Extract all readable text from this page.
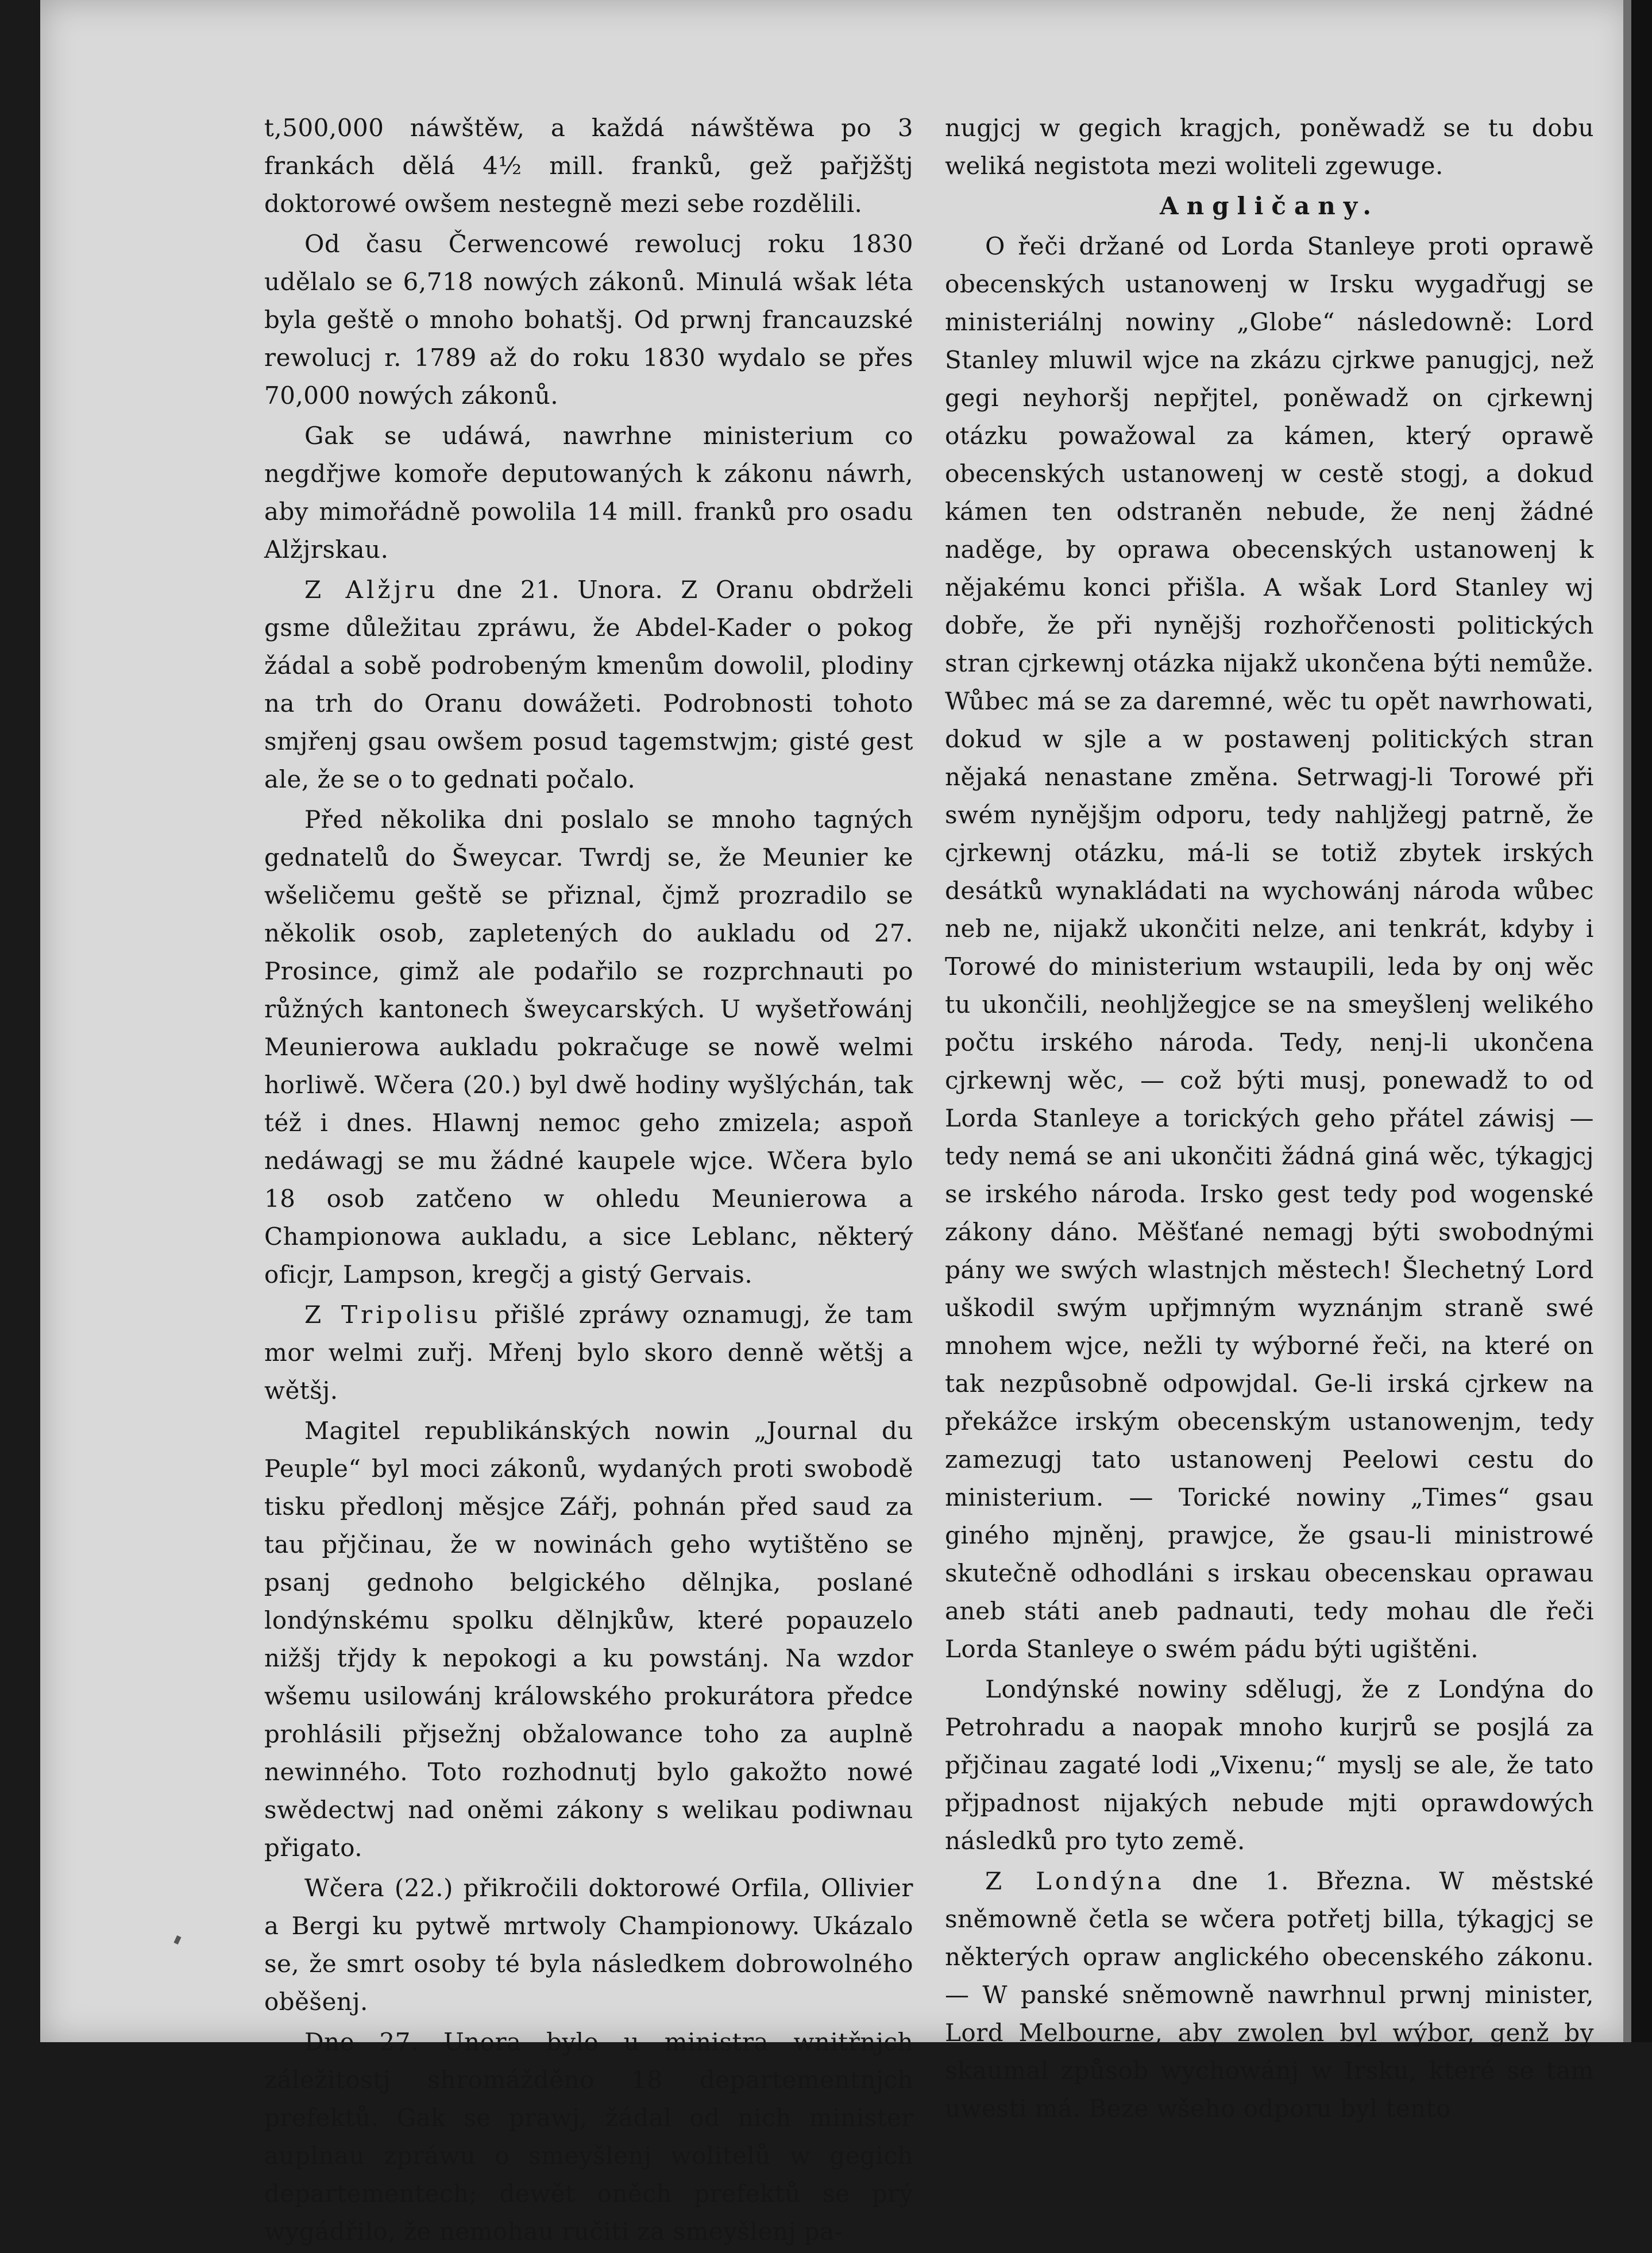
t,500,000 náwštěw, a každá náwštěwa po 3 frankách dělá 4½ mill. franků, gež pařjžštj doktorowé owšem nestegně mezi sebe rozdělili.

Od času Čerwencowé rewolucj roku 1830 udělalo se 6,718 nowých zákonů. Minulá wšak léta byla geště o mnoho bohatšj. Od prwnj francauzské rewolucj r. 1789 až do roku 1830 wydalo se přes 70,000 nowých zákonů.

Gak se udáwá, nawrhne ministerium co negdřjwe komoře deputowaných k zákonu náwrh, aby mimořádně powolila 14 mill. franků pro osadu Alžjrskau.

Z Alžjru dne 21. Unora. Z Oranu obdrželi gsme důležitau zpráwu, že Abdel-Kader o pokog žádal a sobě podrobeným kmenům dowolil, plodiny na trh do Oranu dowážeti. Podrobnosti tohoto smjřenj gsau owšem posud tagemstwjm; gisté gest ale, že se o to gednati počalo.

Před několika dni poslalo se mnoho tagných gednatelů do Šweycar. Twrdj se, že Meunier ke wšeličemu geště se přiznal, čjmž prozradilo se několik osob, zapletených do aukladu od 27. Prosince, gimž ale podařilo se rozprchnauti po růžných kantonech šweycarských. U wyšetřowánj Meunierowa aukladu pokračuge se nowě welmi horliwě. Wčera (20.) byl dwě hodiny wyšlýchán, tak též i dnes. Hlawnj nemoc geho zmizela; aspoň nedáwagj se mu žádné kaupele wjce. Wčera bylo 18 osob zatčeno w ohledu Meunierowa a Championowa aukladu, a sice Leblanc, některý oficjr, Lampson, kregčj a gistý Gervais.

Z Tripolisu přišlé zpráwy oznamugj, že tam mor welmi zuřj. Mřenj bylo skoro denně wětšj a wětšj.

Magitel republikánských nowin „Journal du Peuple“ byl moci zákonů, wydaných proti swobodě tisku předlonj měsjce Zářj, pohnán před saud za tau přjčinau, že w nowinách geho wytištěno se psanj gednoho belgického dělnjka, poslané londýnskému spolku dělnjkůw, které popauzelo nižšj třjdy k nepokogi a ku powstánj. Na wzdor wšemu usilowánj králowského prokurátora předce prohlásili přjsežnj obžalowance toho za auplně newinného. Toto rozhodnutj bylo gakožto nowé swědectwj nad oněmi zákony s welikau podiwnau přigato.

Wčera (22.) přikročili doktorowé Orfila, Ollivier a Bergi ku pytwě mrtwoly Championowy. Ukázalo se, že smrt osoby té byla následkem dobrowolného oběšenj.

Dne 27. Unora bylo u ministra wnitřnjch záležitostj shromážděno 18 departementnjch prefektů. Gak se prawj, žádal od nich minister auplnau zpráwu o smeyšlenj wolitelů w gegich departementech; dewět oněch prefektů se prý wygádřilo, že nemohau ručiti za smeyšlenj pa-

nugjcj w gegich kragjch, poněwadž se tu dobu weliká negistota mezi woliteli zgewuge.

Angličany.

O řeči držané od Lorda Stanleye proti oprawě obecenských ustanowenj w Irsku wygadřugj se ministeriálnj nowiny „Globe“ následowně: Lord Stanley mluwil wjce na zkázu cjrkwe panugjcj, než gegi neyhoršj nepřjtel, poněwadž on cjrkewnj otázku powažowal za kámen, který oprawě obecenských ustanowenj w cestě stogj, a dokud kámen ten odstraněn nebude, že nenj žádné naděge, by oprawa obecenských ustanowenj k nějakému konci přišla. A wšak Lord Stanley wj dobře, že při nynějšj rozhořčenosti politických stran cjrkewnj otázka nijakž ukončena býti nemůže. Wůbec má se za daremné, wěc tu opět nawrhowati, dokud w sjle a w postawenj politických stran nějaká nenastane změna. Setrwagj-li Torowé při swém nynějšjm odporu, tedy nahljžegj patrně, že cjrkewnj otázku, má-li se totiž zbytek irských desátků wynakládati na wychowánj národa wůbec neb ne, nijakž ukončiti nelze, ani tenkrát, kdyby i Torowé do ministerium wstaupili, leda by onj wěc tu ukončili, neohljžegjce se na smeyšlenj welikého počtu irského národa. Tedy, nenj-li ukončena cjrkewnj wěc, — což býti musj, ponewadž to od Lorda Stanleye a torických geho přátel záwisj — tedy nemá se ani ukončiti žádná giná wěc, týkagjcj se irského národa. Irsko gest tedy pod wogenské zákony dáno. Měšťané nemagj býti swobodnými pány we swých wlastnjch městech! Šlechetný Lord uškodil swým upřjmným wyznánjm straně swé mnohem wjce, nežli ty wýborné řeči, na které on tak nezpůsobně odpowjdal. Ge-li irská cjrkew na překážce irským obecenským ustanowenjm, tedy zamezugj tato ustanowenj Peelowi cestu do ministerium. — Torické nowiny „Times“ gsau giného mjněnj, prawjce, že gsau-li ministrowé skutečně odhodláni s irskau obecenskau oprawau aneb státi aneb padnauti, tedy mohau dle řeči Lorda Stanleye o swém pádu býti ugištěni.

Londýnské nowiny sdělugj, že z Londýna do Petrohradu a naopak mnoho kurjrů se posjlá za přjčinau zagaté lodi „Vixenu;“ myslj se ale, že tato přjpadnost nijakých nebude mjti oprawdowých následků pro tyto země.

Z Londýna dne 1. Března. W městské sněmowně četla se wčera potřetj billa, týkagjcj se některých opraw anglického obecenského zákonu. — W panské sněmowně nawrhnul prwnj minister, Lord Melbourne, aby zwolen byl wýbor, genž by skaumal způsob wychowánj w Irsku, které se tam uwesti má. Beze wšeho odporu byl tento
